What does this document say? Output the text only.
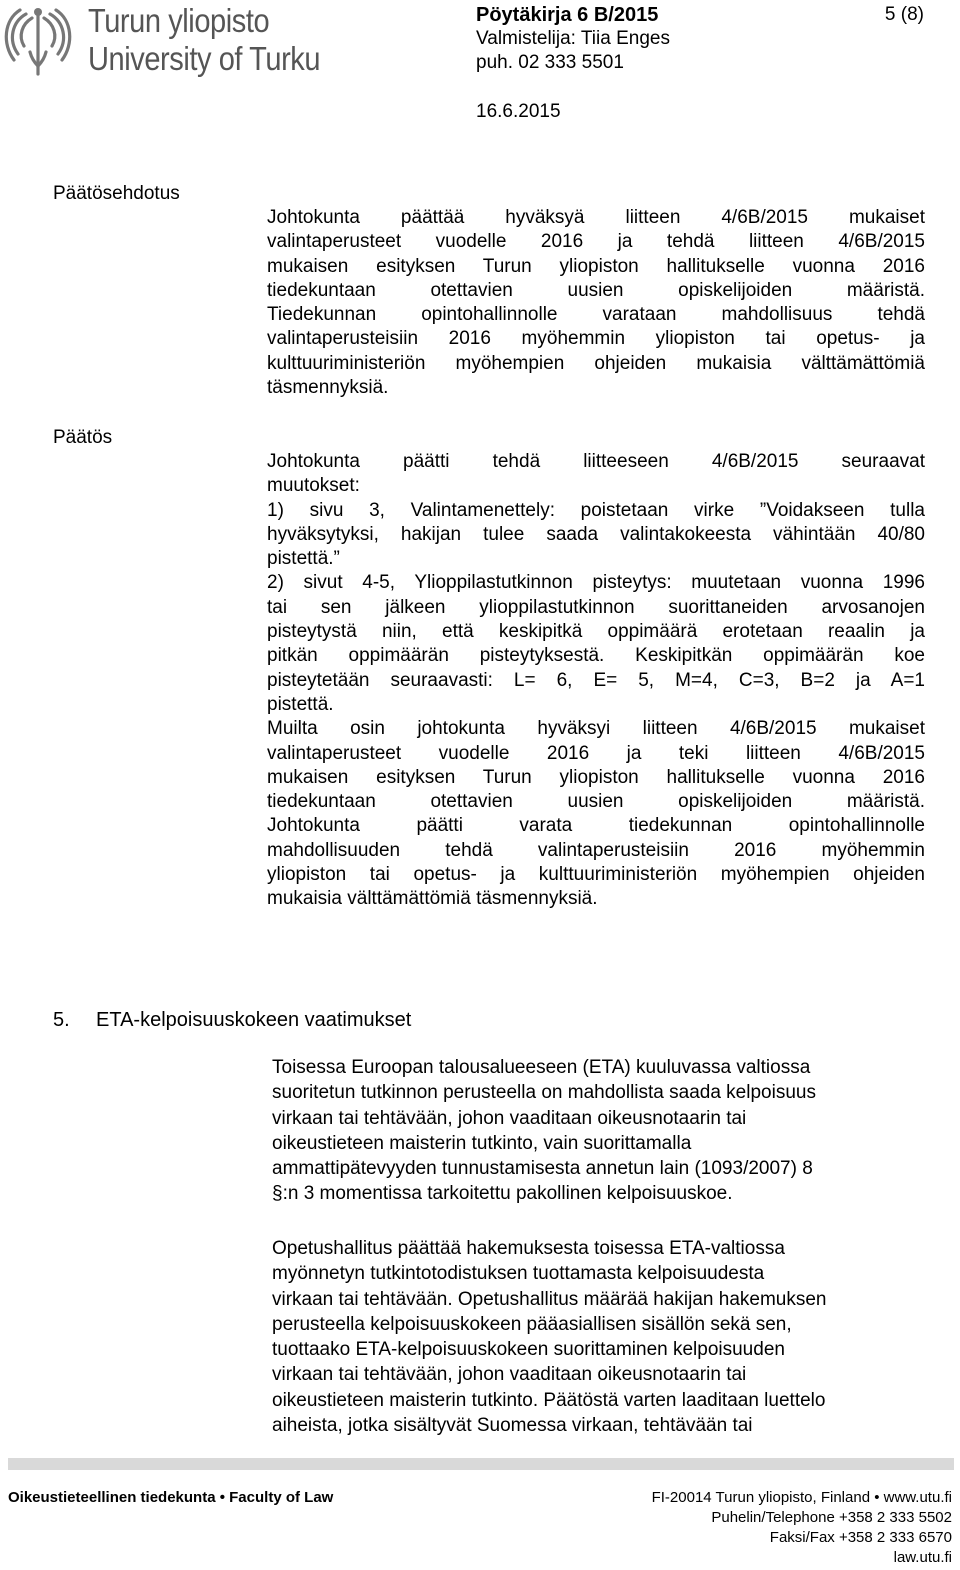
Turun yliopisto
University of Turku
Pöytäkirja 6 B/2015
Valmistelija: Tiia Enges
puh. 02 333 5501
5 (8)
16.6.2015
Päätösehdotus
Johtokunta päättää hyväksyä liitteen 4/6B/2015 mukaiset
valintaperusteet vuodelle 2016 ja tehdä liitteen 4/6B/2015
mukaisen esityksen Turun yliopiston hallitukselle vuonna 2016
tiedekuntaan otettavien uusien opiskelijoiden määristä.
Tiedekunnan opintohallinnolle varataan mahdollisuus tehdä
valintaperusteisiin 2016 myöhemmin yliopiston tai opetus- ja
kulttuuriministeriön myöhempien ohjeiden mukaisia välttämättömiä
täsmennyksiä.
Päätös
Johtokunta päätti tehdä liitteeseen 4/6B/2015 seuraavat
muutokset:
1) sivu 3, Valintamenettely: poistetaan virke ”Voidakseen tulla
hyväksytyksi, hakijan tulee saada valintakokeesta vähintään 40/80
pistettä.”
2) sivut 4-5, Ylioppilastutkinnon pisteytys: muutetaan vuonna 1996
tai sen jälkeen ylioppilastutkinnon suorittaneiden arvosanojen
pisteytystä niin, että keskipitkä oppimäärä erotetaan reaalin ja
pitkän oppimäärän pisteytyksestä. Keskipitkän oppimäärän koe
pisteytetään seuraavasti: L= 6, E= 5, M=4, C=3, B=2 ja A=1
pistettä.
Muilta osin johtokunta hyväksyi liitteen 4/6B/2015 mukaiset
valintaperusteet vuodelle 2016 ja teki liitteen 4/6B/2015
mukaisen esityksen Turun yliopiston hallitukselle vuonna 2016
tiedekuntaan otettavien uusien opiskelijoiden määristä.
Johtokunta päätti varata tiedekunnan opintohallinnolle
mahdollisuuden tehdä valintaperusteisiin 2016 myöhemmin
yliopiston tai opetus- ja kulttuuriministeriön myöhempien ohjeiden
mukaisia välttämättömiä täsmennyksiä.
5. ETA-kelpoisuuskokeen vaatimukset
Toisessa Euroopan talousalueeseen (ETA) kuuluvassa valtiossa
suoritetun tutkinnon perusteella on mahdollista saada kelpoisuus
virkaan tai tehtävään, johon vaaditaan oikeusnotaarin tai
oikeustieteen maisterin tutkinto, vain suorittamalla
ammattipätevyyden tunnustamisesta annetun lain (1093/2007) 8
§:n 3 momentissa tarkoitettu pakollinen kelpoisuuskoe.
Opetushallitus päättää hakemuksesta toisessa ETA-valtiossa
myönnetyn tutkintotodistuksen tuottamasta kelpoisuudesta
virkaan tai tehtävään. Opetushallitus määrää hakijan hakemuksen
perusteella kelpoisuuskokeen pääasiallisen sisällön sekä sen,
tuottaako ETA-kelpoisuuskokeen suorittaminen kelpoisuuden
virkaan tai tehtävään, johon vaaditaan oikeusnotaarin tai
oikeustieteen maisterin tutkinto. Päätöstä varten laaditaan luettelo
aiheista, jotka sisältyvät Suomessa virkaan, tehtävään tai
Oikeustieteellinen tiedekunta • Faculty of Law	FI-20014 Turun yliopisto, Finland • www.utu.fi
Puhelin/Telephone +358 2 333 5502
Faksi/Fax +358 2 333 6570
law.utu.fi
